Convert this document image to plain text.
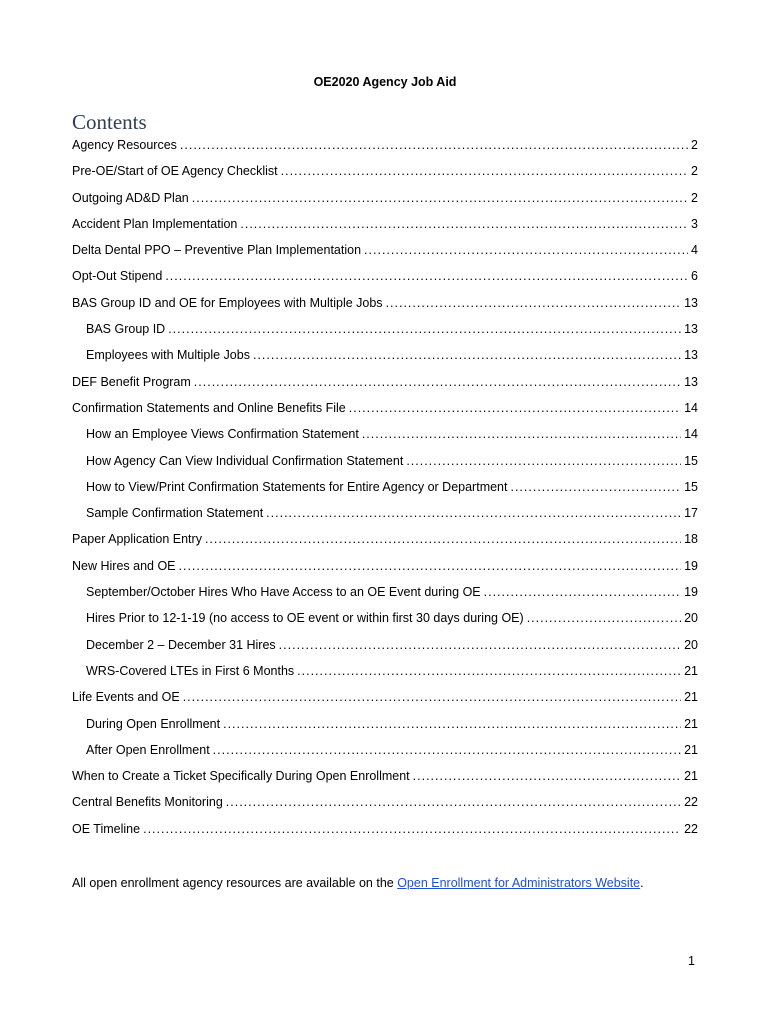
OE2020 Agency Job Aid
Contents
Agency Resources .....	2
Pre-OE/Start of OE Agency Checklist .....	2
Outgoing AD&D Plan .....	2
Accident Plan Implementation .....	3
Delta Dental PPO – Preventive Plan Implementation .....	4
Opt-Out Stipend .....	6
BAS Group ID and OE for Employees with Multiple Jobs .....	13
BAS Group ID .....	13
Employees with Multiple Jobs .....	13
DEF Benefit Program .....	13
Confirmation Statements and Online Benefits File .....	14
How an Employee Views Confirmation Statement .....	14
How Agency Can View Individual Confirmation Statement .....	15
How to View/Print Confirmation Statements for Entire Agency or Department .....	15
Sample Confirmation Statement .....	17
Paper Application Entry .....	18
New Hires and OE .....	19
September/October Hires Who Have Access to an OE Event during OE .....	19
Hires Prior to 12-1-19 (no access to OE event or within first 30 days during OE) .....	20
December 2 – December 31 Hires .....	20
WRS-Covered LTEs in First 6 Months .....	21
Life Events and OE .....	21
During Open Enrollment .....	21
After Open Enrollment .....	21
When to Create a Ticket Specifically During Open Enrollment .....	21
Central Benefits Monitoring .....	22
OE Timeline .....	22
All open enrollment agency resources are available on the Open Enrollment for Administrators Website.
1
